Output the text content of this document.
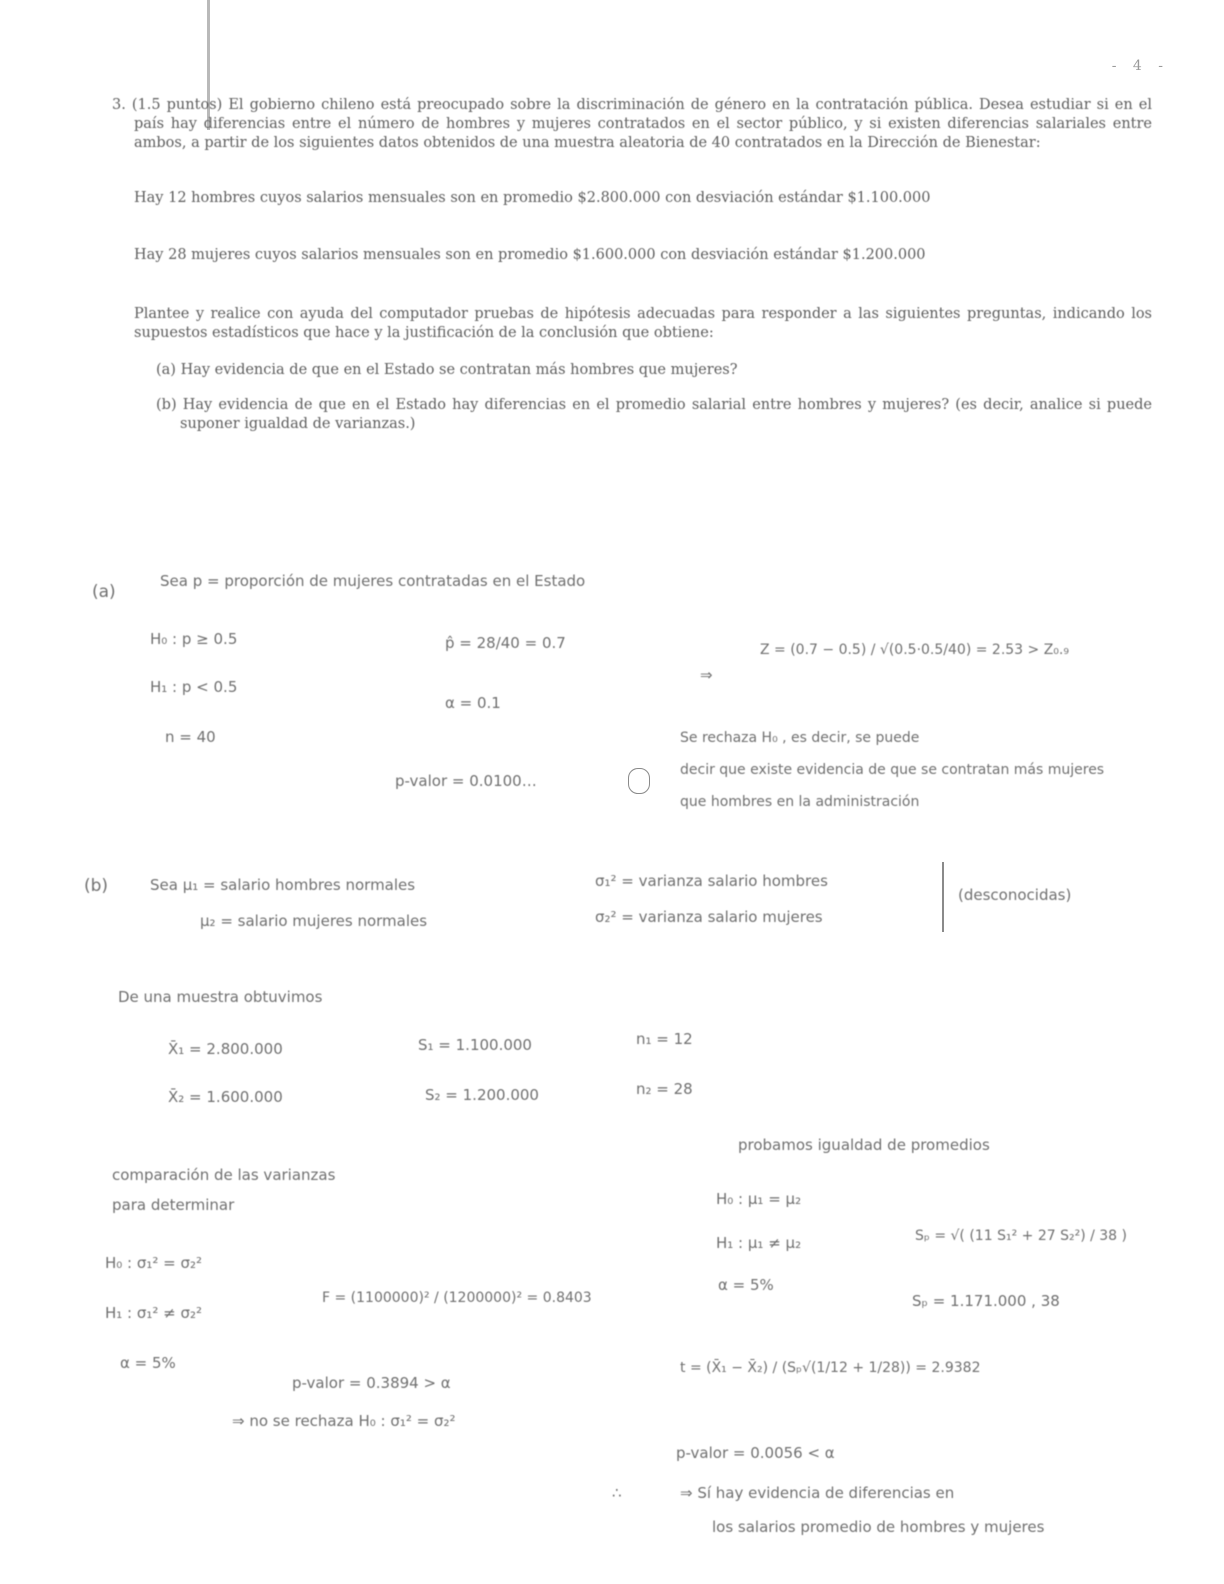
- 4 -

3. (1.5 puntos) El gobierno chileno está preocupado sobre la discriminación de género en la contratación pública. Desea estudiar si en el país hay diferencias entre el número de hombres y mujeres contratados en el sector público, y si existen diferencias salariales entre ambos, a partir de los siguientes datos obtenidos de una muestra aleatoria de 40 contratados en la Dirección de Bienestar:

Hay 12 hombres cuyos salarios mensuales son en promedio $2.800.000 con desviación estándar $1.100.000

Hay 28 mujeres cuyos salarios mensuales son en promedio $1.600.000 con desviación estándar $1.200.000

Plantee y realice con ayuda del computador pruebas de hipótesis adecuadas para responder a las siguientes preguntas, indicando los supuestos estadísticos que hace y la justificación de la conclusión que obtiene:

(a) Hay evidencia de que en el Estado se contratan más hombres que mujeres?

(b) Hay evidencia de que en el Estado hay diferencias en el promedio salarial entre hombres y mujeres? (es decir, analice si puede suponer igualdad de varianzas.)

(a)
Sea p = proporción de mujeres contratadas en el Estado
H₀ : p ≥ 0.5
H₁ : p < 0.5
n = 40
p̂ = 28/40 = 0.7
α = 0.1
p-valor = 0.0100…
⇒
Z = (0.7 − 0.5) / √(0.5·0.5/40) = 2.53 > Z₀.₉
Se rechaza H₀ , es decir, se puede
decir que existe evidencia de que se contratan más mujeres
que hombres en la administración
(b)	Sea μ₁ = salario hombres normales
μ₂ = salario mujeres normales
σ₁² = varianza salario hombres
σ₂² = varianza salario mujeres
(desconocidas)
De una muestra obtuvimos
X̄₁ = 2.800.000	S₁ = 1.100.000	n₁ = 12
X̄₂ = 1.600.000	S₂ = 1.200.000	n₂ = 28
comparación de las varianzas
para determinar
H₀ : σ₁² = σ₂²
H₁ : σ₁² ≠ σ₂²
α = 5%
F = (1100000)² / (1200000)² = 0.8403
p-valor = 0.3894 > α
⇒ no se rechaza H₀ : σ₁² = σ₂²
probamos igualdad de promedios
H₀ : μ₁ = μ₂
H₁ : μ₁ ≠ μ₂
α = 5%
Sₚ = √( (11 S₁² + 27 S₂²) / 38 )
Sₚ = 1.171.000 , 38
t = (X̄₁ − X̄₂) / (Sₚ√(1/12 + 1/28)) = 2.9382
p-valor = 0.0056 < α
∴	⇒ Sí hay evidencia de diferencias en
los salarios promedio de hombres y mujeres
